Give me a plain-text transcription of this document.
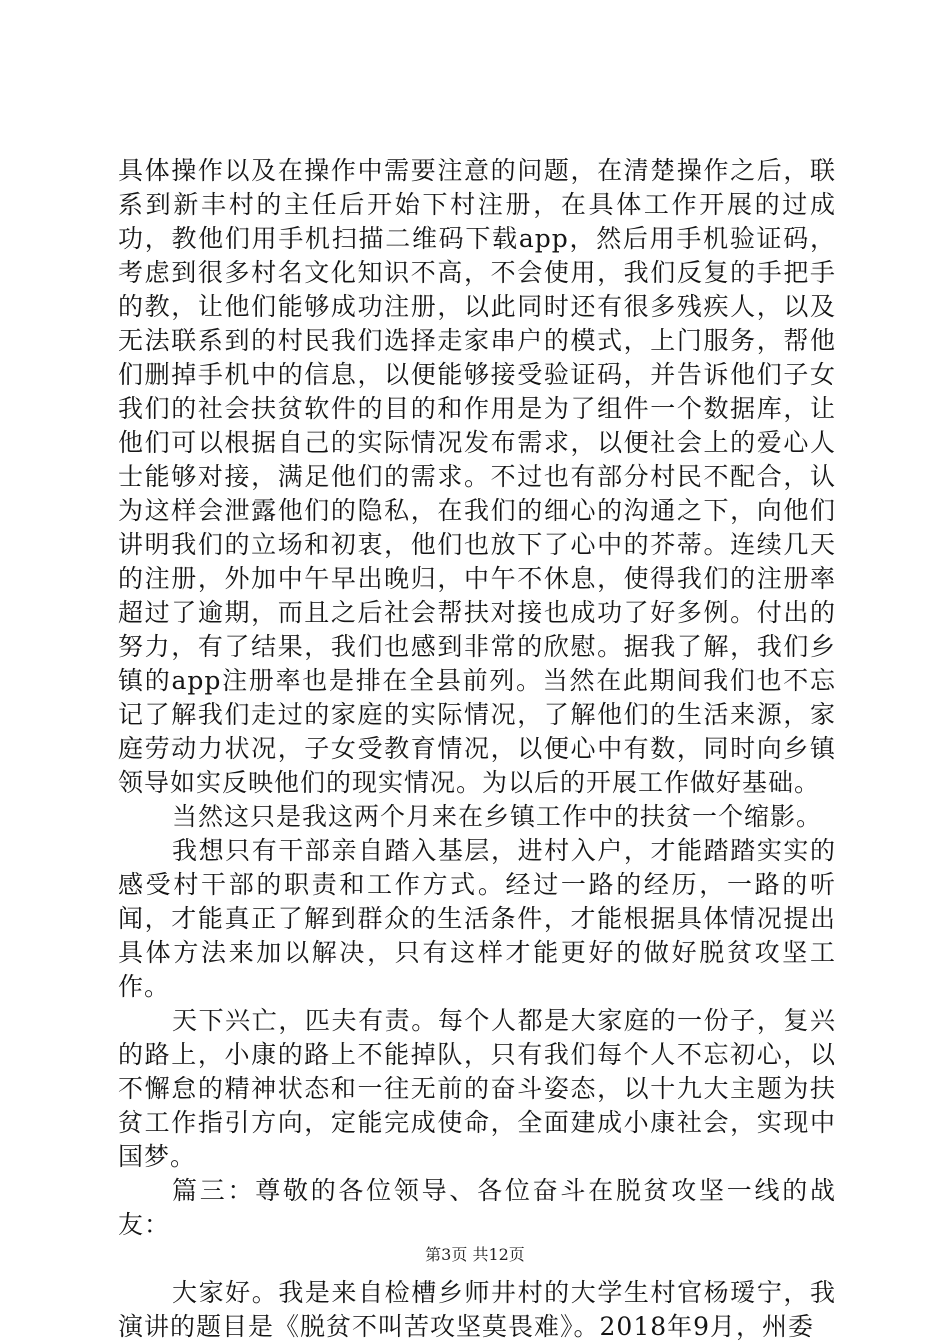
具体操作以及在操作中需要注意的问题，在清楚操作之后，联系到新丰村的主任后开始下村注册，在具体工作开展的过成功，教他们用手机扫描二维码下载app，然后用手机验证码，考虑到很多村名文化知识不高，不会使用，我们反复的手把手的教，让他们能够成功注册，以此同时还有很多残疾人，以及无法联系到的村民我们选择走家串户的模式，上门服务，帮他们删掉手机中的信息，以便能够接受验证码，并告诉他们子女我们的社会扶贫软件的目的和作用是为了组件一个数据库，让他们可以根据自己的实际情况发布需求，以便社会上的爱心人士能够对接，满足他们的需求。不过也有部分村民不配合，认为这样会泄露他们的隐私，在我们的细心的沟通之下，向他们讲明我们的立场和初衷，他们也放下了心中的芥蒂。连续几天的注册，外加中午早出晚归，中午不休息，使得我们的注册率超过了逾期，而且之后社会帮扶对接也成功了好多例。付出的努力，有了结果，我们也感到非常的欣慰。据我了解，我们乡镇的app注册率也是排在全县前列。当然在此期间我们也不忘记了解我们走过的家庭的实际情况，了解他们的生活来源，家庭劳动力状况，子女受教育情况，以便心中有数，同时向乡镇领导如实反映他们的现实情况。为以后的开展工作做好基础。

当然这只是我这两个月来在乡镇工作中的扶贫一个缩影。

我想只有干部亲自踏入基层，进村入户，才能踏踏实实的感受村干部的职责和工作方式。经过一路的经历，一路的听闻，才能真正了解到群众的生活条件，才能根据具体情况提出具体方法来加以解决，只有这样才能更好的做好脱贫攻坚工作。

天下兴亡，匹夫有责。每个人都是大家庭的一份子，复兴的路上，小康的路上不能掉队，只有我们每个人不忘初心，以不懈怠的精神状态和一往无前的奋斗姿态，以十九大主题为扶贫工作指引方向，定能完成使命，全面建成小康社会，实现中国梦。

篇三：尊敬的各位领导、各位奋斗在脱贫攻坚一线的战友：

大家好。我是来自检槽乡师井村的大学生村官杨瑷宁，我演讲的题目是《脱贫不叫苦攻坚莫畏难》。2018年9月，州委

第3页 共12页
